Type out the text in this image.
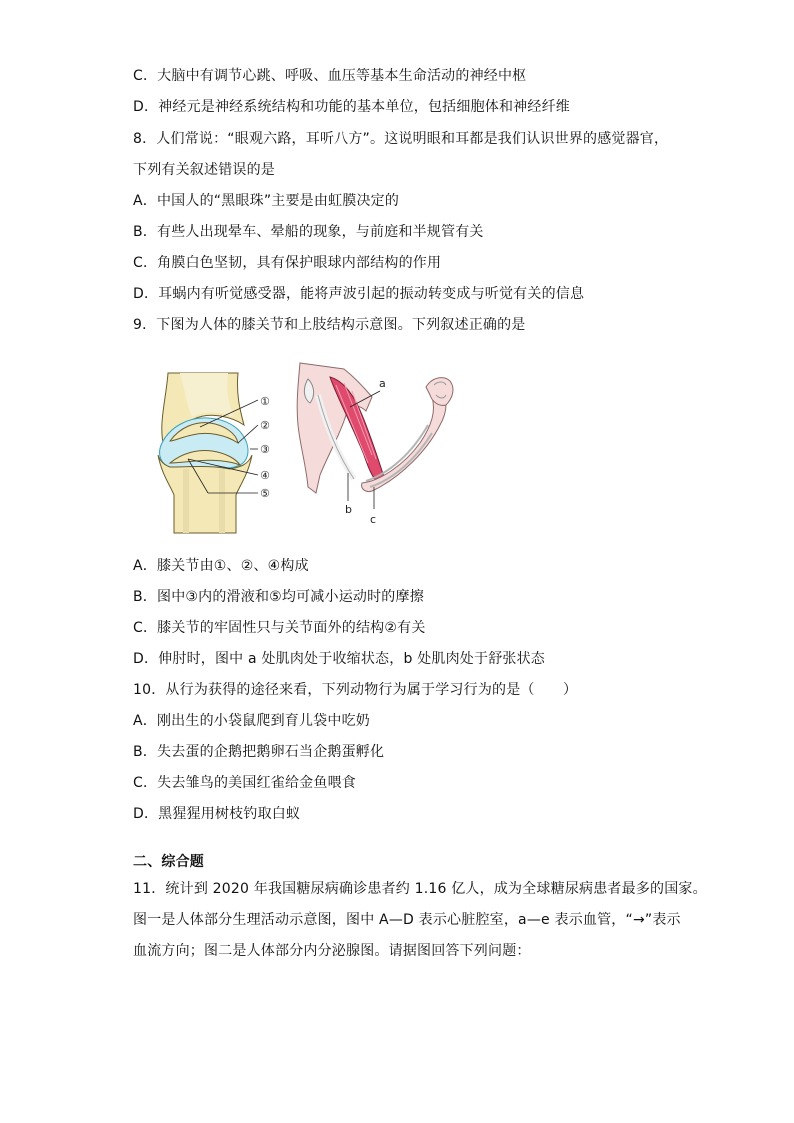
C．大脑中有调节心跳、呼吸、血压等基本生命活动的神经中枢
D．神经元是神经系统结构和功能的基本单位，包括细胞体和神经纤维
8．人们常说：“眼观六路，耳听八方”。这说明眼和耳都是我们认识世界的感觉器官，
下列有关叙述错误的是
A．中国人的“黑眼珠”主要是由虹膜决定的
B．有些人出现晕车、晕船的现象，与前庭和半规管有关
C．角膜白色坚韧，具有保护眼球内部结构的作用
D．耳蜗内有听觉感受器，能将声波引起的振动转变成与听觉有关的信息
9．下图为人体的膝关节和上肢结构示意图。下列叙述正确的是
①
②
③
④
⑤
a
b
c
A．膝关节由①、②、④构成
B．图中③内的滑液和⑤均可减小运动时的摩擦
C．膝关节的牢固性只与关节面外的结构②有关
D．伸肘时，图中 a 处肌肉处于收缩状态，b 处肌肉处于舒张状态
10．从行为获得的途径来看，下列动物行为属于学习行为的是（　　）
A．刚出生的小袋鼠爬到育儿袋中吃奶
B．失去蛋的企鹅把鹅卵石当企鹅蛋孵化
C．失去雏鸟的美国红雀给金鱼喂食
D．黑猩猩用树枝钓取白蚁
二、综合题
11．统计到 2020 年我国糖尿病确诊患者约 1.16 亿人，成为全球糖尿病患者最多的国家。
图一是人体部分生理活动示意图，图中 A—D 表示心脏腔室，a—e 表示血管，“→”表示
血流方向；图二是人体部分内分泌腺图。请据图回答下列问题：
